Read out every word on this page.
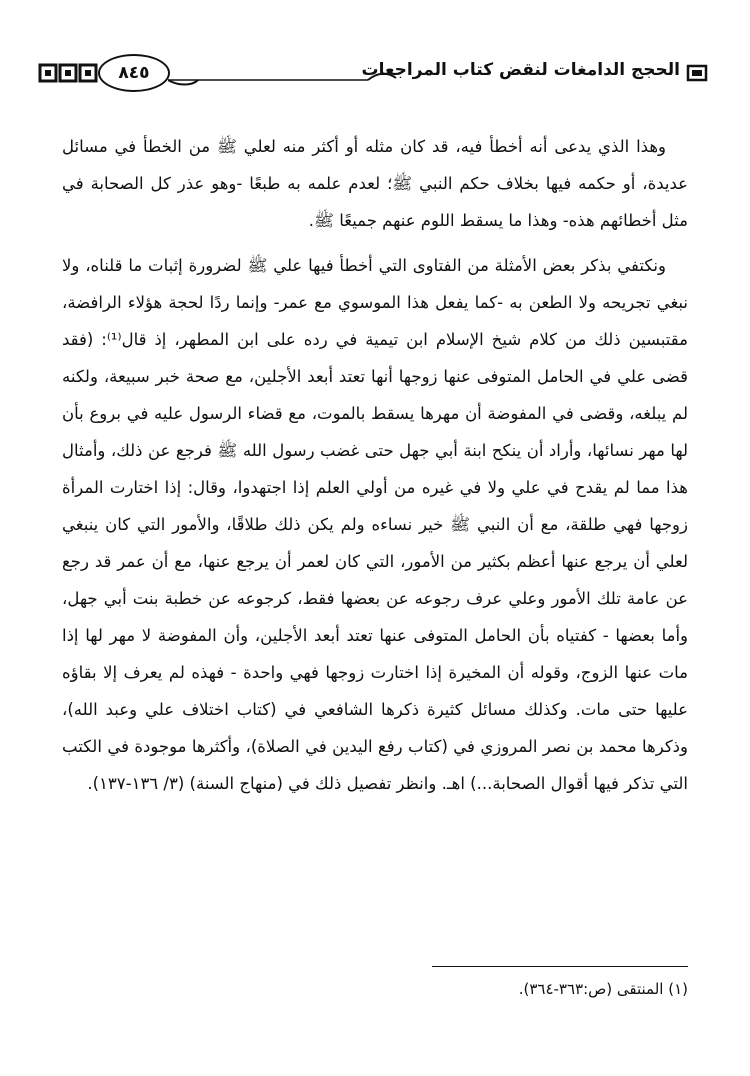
الحجج الدامغات لنقض كتاب المراجعات
٨٤٥

وهذا الذي يدعى أنه أخطأ فيه، قد كان مثله أو أكثر منه لعلي ﷺ من الخطأ في مسائل عديدة، أو حكمه فيها بخلاف حكم النبي ﷺ؛ لعدم علمه به طبعًا -وهو عذر كل الصحابة في مثل أخطائهم هذه- وهذا ما يسقط اللوم عنهم جميعًا ﷺ.

ونكتفي بذكر بعض الأمثلة من الفتاوى التي أخطأ فيها علي ﷺ لضرورة إثبات ما قلناه، ولا نبغي تجريحه ولا الطعن به -كما يفعل هذا الموسوي مع عمر- وإنما ردًا لحجة هؤلاء الرافضة، مقتبسين ذلك من كلام شيخ الإسلام ابن تيمية في رده على ابن المطهر، إذ قال⁽¹⁾: (فقد قضى علي في الحامل المتوفى عنها زوجها أنها تعتد أبعد الأجلين، مع صحة خبر سبيعة، ولكنه لم يبلغه، وقضى في المفوضة أن مهرها يسقط بالموت، مع قضاء الرسول عليه في بروع بأن لها مهر نسائها، وأراد أن ينكح ابنة أبي جهل حتى غضب رسول الله ﷺ فرجع عن ذلك، وأمثال هذا مما لم يقدح في علي ولا في غيره من أولي العلم إذا اجتهدوا، وقال: إذا اختارت المرأة زوجها فهي طلقة، مع أن النبي ﷺ خير نساءه ولم يكن ذلك طلاقًا، والأمور التي كان ينبغي لعلي أن يرجع عنها أعظم بكثير من الأمور، التي كان لعمر أن يرجع عنها، مع أن عمر قد رجع عن عامة تلك الأمور وعلي عرف رجوعه عن بعضها فقط، كرجوعه عن خطبة بنت أبي جهل، وأما بعضها - كفتياه بأن الحامل المتوفى عنها تعتد أبعد الأجلين، وأن المفوضة لا مهر لها إذا مات عنها الزوج، وقوله أن المخيرة إذا اختارت زوجها فهي واحدة - فهذه لم يعرف إلا بقاؤه عليها حتى مات. وكذلك مسائل كثيرة ذكرها الشافعي في (كتاب اختلاف علي وعبد الله)، وذكرها محمد بن نصر المروزي في (كتاب رفع اليدين في الصلاة)، وأكثرها موجودة في الكتب التي تذكر فيها أقوال الصحابة...) اهـ. وانظر تفصيل ذلك في (منهاج السنة) (٣/ ١٣٦-١٣٧).

(١) المنتقى (ص:٣٦٣-٣٦٤).
